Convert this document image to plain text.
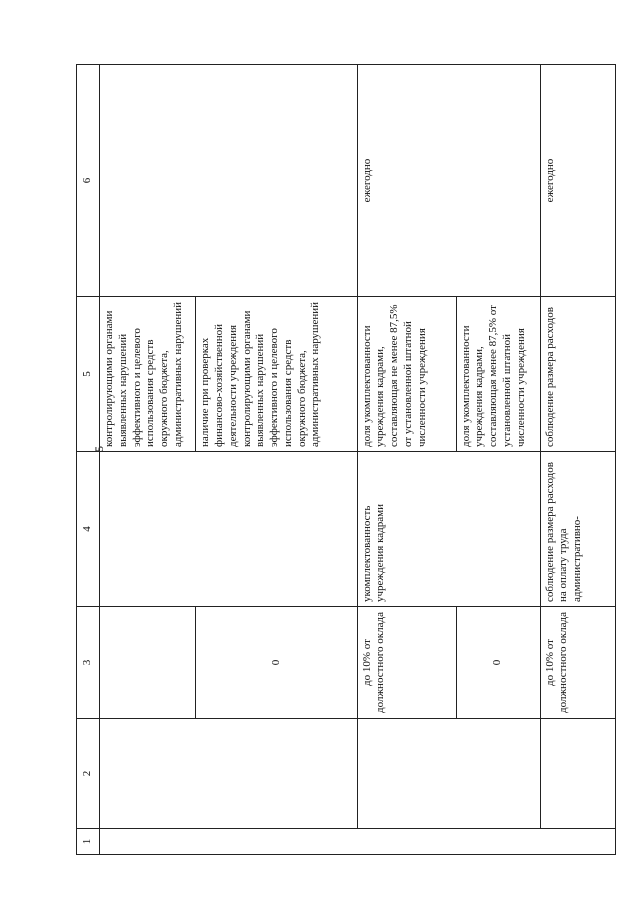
5
1	2	3	4	5	6
				контролирующими органами выявленных нарушений эффективного и целевого использования средств окружного бюджета, административных нарушений	
		0		наличие при проверках финансово-хозяйственной деятельности учреждения контролирующими органами выявленных нарушений эффективного и целевого использования средств окружного бюджета, административных нарушений	
		до 10% от должностного оклада	укомплектованность учреждения кадрами	доля укомплектованности учреждения кадрами, составляющая не менее 87,5% от установленной штатной численности учреждения	ежегодно
		0		доля укомплектованности учреждения кадрами, составляющая менее 87,5% от установленной штатной численности учреждения	
		до 10% от должностного оклада	соблюдение размера расходов на оплату труда административно-	соблюдение размера расходов	ежегодно
